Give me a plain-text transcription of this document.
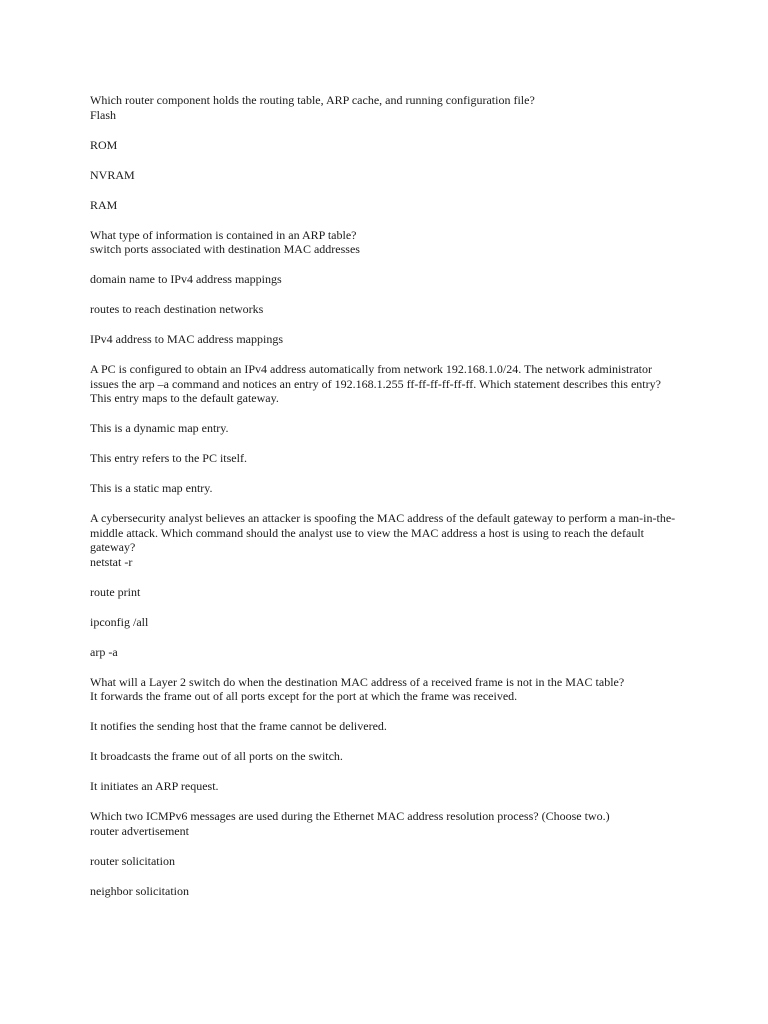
Which router component holds the routing table, ARP cache, and running configuration file?

Flash

ROM

NVRAM

RAM

What type of information is contained in an ARP table?

switch ports associated with destination MAC addresses

domain name to IPv4 address mappings

routes to reach destination networks

IPv4 address to MAC address mappings

A PC is configured to obtain an IPv4 address automatically from network 192.168.1.0/24. The network administrator issues the arp –a command and notices an entry of 192.168.1.255 ff-ff-ff-ff-ff-ff. Which statement describes this entry?

This entry maps to the default gateway.

This is a dynamic map entry.

This entry refers to the PC itself.

This is a static map entry.

A cybersecurity analyst believes an attacker is spoofing the MAC address of the default gateway to perform a man-in-the-middle attack. Which command should the analyst use to view the MAC address a host is using to reach the default gateway?

netstat -r

route print

ipconfig /all

arp -a

What will a Layer 2 switch do when the destination MAC address of a received frame is not in the MAC table?

It forwards the frame out of all ports except for the port at which the frame was received.

It notifies the sending host that the frame cannot be delivered.

It broadcasts the frame out of all ports on the switch.

It initiates an ARP request.

Which two ICMPv6 messages are used during the Ethernet MAC address resolution process? (Choose two.)

router advertisement

router solicitation

neighbor solicitation
